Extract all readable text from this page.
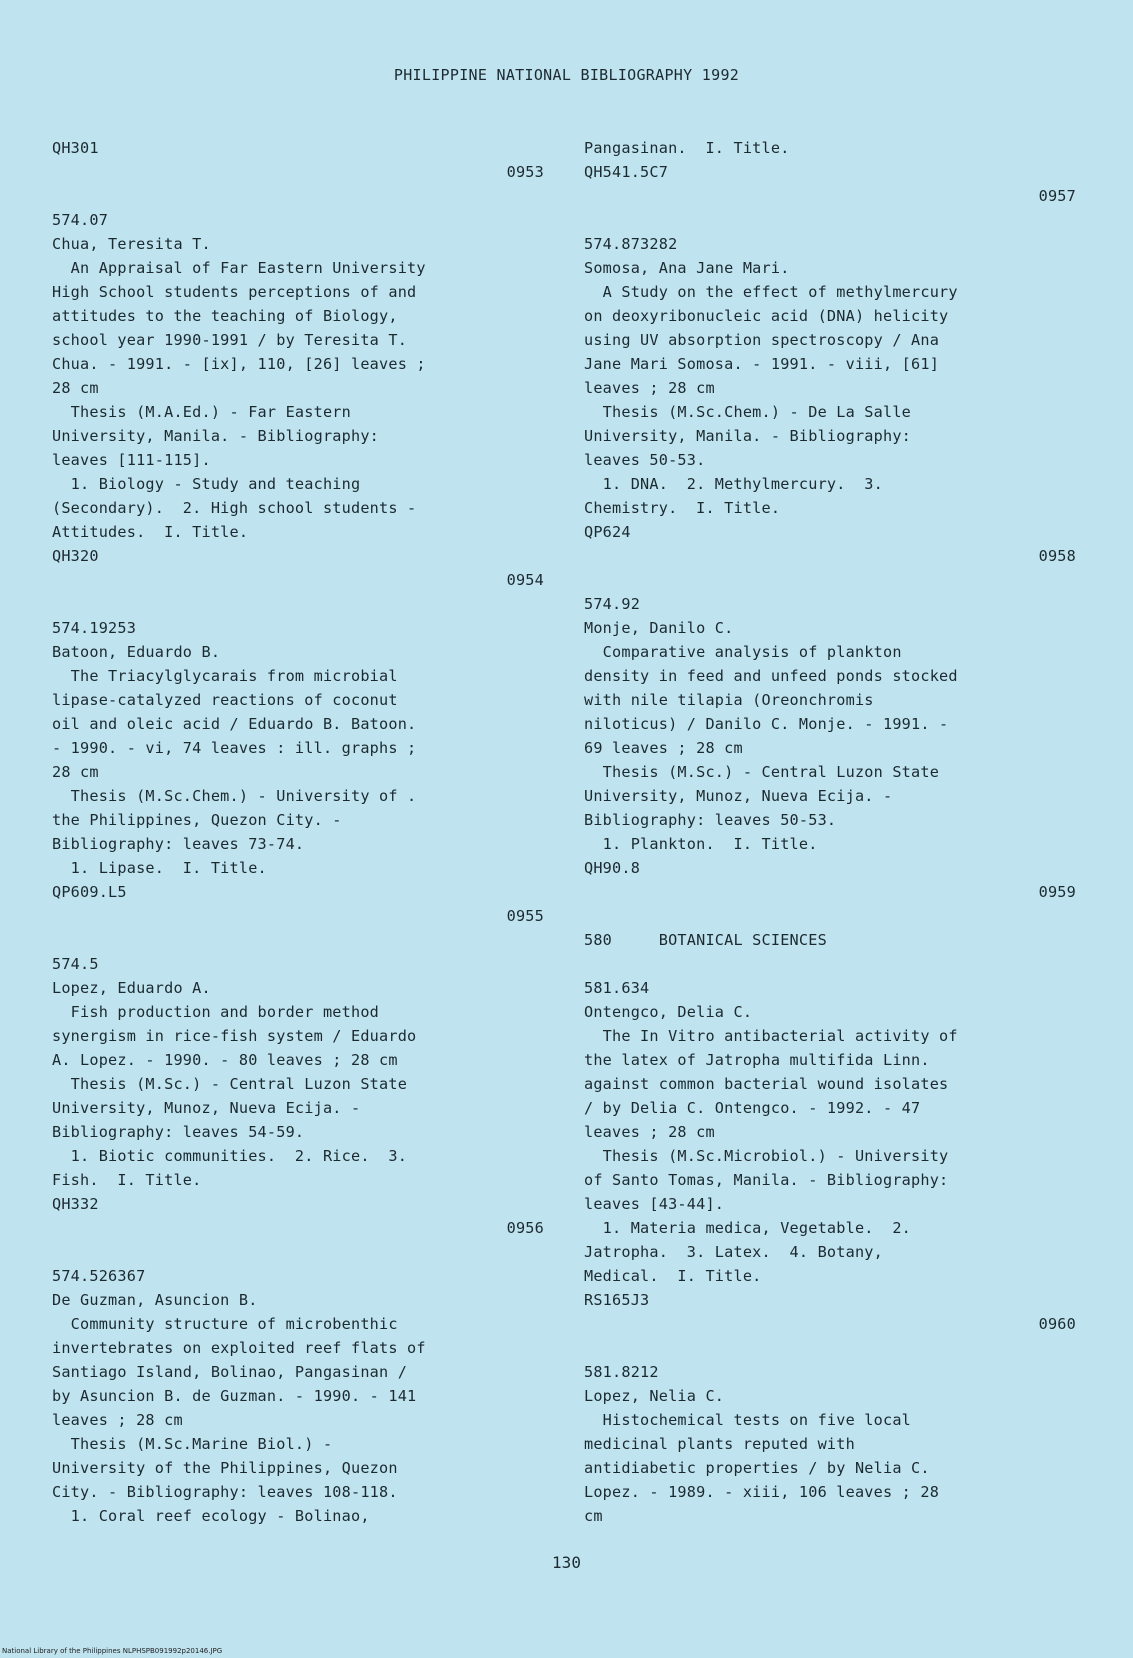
PHILIPPINE NATIONAL BIBLIOGRAPHY 1992
QH301
0953
574.07
Chua, Teresita T.
An Appraisal of Far Eastern University
High School students perceptions of and
attitudes to the teaching of Biology,
school year 1990-1991 / by Teresita T.
Chua. - 1991. - [ix], 110, [26] leaves ;
28 cm
Thesis (M.A.Ed.) - Far Eastern
University, Manila. - Bibliography:
leaves [111-115].
1. Biology - Study and teaching
(Secondary).  2. High school students -
Attitudes.  I. Title.
QH320
0954
574.19253
Batoon, Eduardo B.
The Triacylglycarais from microbial
lipase-catalyzed reactions of coconut
oil and oleic acid / Eduardo B. Batoon.
- 1990. - vi, 74 leaves : ill. graphs ;
28 cm
Thesis (M.Sc.Chem.) - University of .
the Philippines, Quezon City. -
Bibliography: leaves 73-74.
1. Lipase.  I. Title.
QP609.L5
0955
574.5
Lopez, Eduardo A.
Fish production and border method
synergism in rice-fish system / Eduardo
A. Lopez. - 1990. - 80 leaves ; 28 cm
Thesis (M.Sc.) - Central Luzon State
University, Munoz, Nueva Ecija. -
Bibliography: leaves 54-59.
1. Biotic communities.  2. Rice.  3.
Fish.  I. Title.
QH332
0956
574.526367
De Guzman, Asuncion B.
Community structure of microbenthic
invertebrates on exploited reef flats of
Santiago Island, Bolinao, Pangasinan /
by Asuncion B. de Guzman. - 1990. - 141
leaves ; 28 cm
Thesis (M.Sc.Marine Biol.) -
University of the Philippines, Quezon
City. - Bibliography: leaves 108-118.
1. Coral reef ecology - Bolinao,
Pangasinan.  I. Title.
QH541.5C7
0957
574.873282
Somosa, Ana Jane Mari.
A Study on the effect of methylmercury
on deoxyribonucleic acid (DNA) helicity
using UV absorption spectroscopy / Ana
Jane Mari Somosa. - 1991. - viii, [61]
leaves ; 28 cm
Thesis (M.Sc.Chem.) - De La Salle
University, Manila. - Bibliography:
leaves 50-53.
1. DNA.  2. Methylmercury.  3.
Chemistry.  I. Title.
QP624
0958
574.92
Monje, Danilo C.
Comparative analysis of plankton
density in feed and unfeed ponds stocked
with nile tilapia (Oreonchromis
niloticus) / Danilo C. Monje. - 1991. -
69 leaves ; 28 cm
Thesis (M.Sc.) - Central Luzon State
University, Munoz, Nueva Ecija. -
Bibliography: leaves 50-53.
1. Plankton.  I. Title.
QH90.8
0959
580     BOTANICAL SCIENCES
581.634
Ontengco, Delia C.
The In Vitro antibacterial activity of
the latex of Jatropha multifida Linn.
against common bacterial wound isolates
/ by Delia C. Ontengco. - 1992. - 47
leaves ; 28 cm
Thesis (M.Sc.Microbiol.) - University
of Santo Tomas, Manila. - Bibliography:
leaves [43-44].
1. Materia medica, Vegetable.  2.
Jatropha.  3. Latex.  4. Botany,
Medical.  I. Title.
RS165J3
0960
581.8212
Lopez, Nelia C.
Histochemical tests on five local
medicinal plants reputed with
antidiabetic properties / by Nelia C.
Lopez. - 1989. - xiii, 106 leaves ; 28
cm
130
National Library of the Philippines NLPHSPB091992p20146.JPG
